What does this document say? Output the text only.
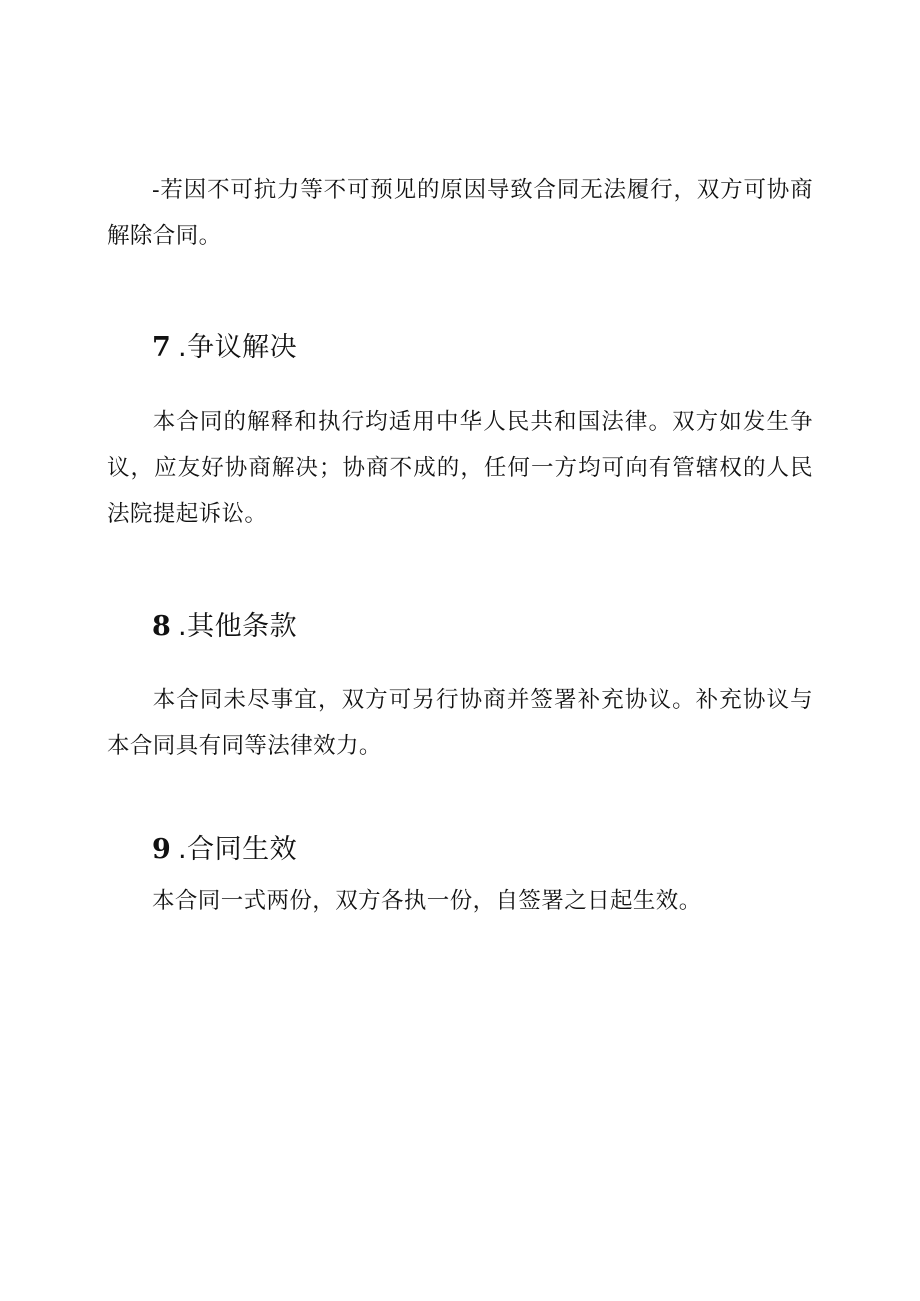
-若因不可抗力等不可预见的原因导致合同无法履行，双方可协商解除合同。

7 .争议解决

本合同的解释和执行均适用中华人民共和国法律。双方如发生争议，应友好协商解决；协商不成的，任何一方均可向有管辖权的人民法院提起诉讼。

8 .其他条款

本合同未尽事宜，双方可另行协商并签署补充协议。补充协议与本合同具有同等法律效力。

9 .合同生效

本合同一式两份，双方各执一份，自签署之日起生效。
